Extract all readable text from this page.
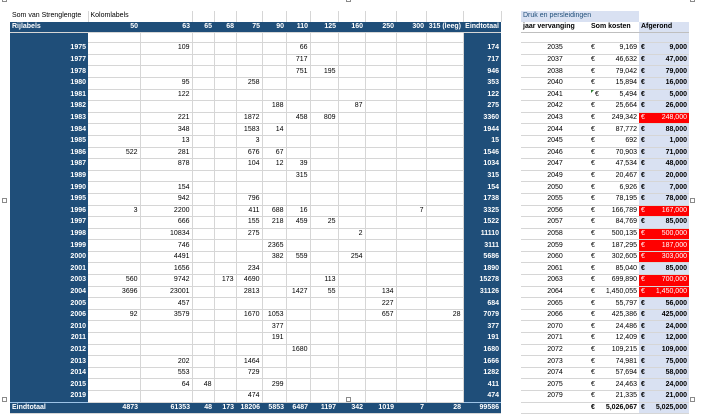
Som van Strenglengte	Kolomlabels												
Rijlabels	50	63	65	68	75	90	110	125	160	250	300	315 (leeg)	Eindtotaal

1975		109					66						174
1977							717						717
1978							751	195					946
1980		95			258								353
1981		122											122
1982						188			87				275
1983		221			1872		458	809					3360
1984		348			1583	14							1944
1985		13			3								15
1986	522	281			676	67							1546
1987		878			104	12	39						1034
1989							315						315
1990		154											154
1995		942			796								1738
1996	3	2200			411	688	16				7		3325
1997		666			155	218	459	25					1522
1998		10834			275				2				11110
1999		746				2365							3111
2000		4491				382	559		254				5686
2001		1656			234								1890
2003	560	9742		173	4690			113					15278
2004	3696	23001			2813		1427	55		134			31126
2005		457								227			684
2006	92	3579			1670	1053				657		28	7079
2010						377							377
2011						191							191
2012							1680						1680
2013		202			1464								1666
2014		553			729								1282
2015		64	48			299							411
2019					474								474
Eindtotaal	4873	61353	48	173	18206	5853	6487	1197	342	1019	7	28	99586
Druk en persleidingen				
jaar vervanging	Som kosten		Afgerond	

2035	€	9,169	€	9,000
2037	€	46,632	€	47,000
2038	€	79,042	€	79,000
2040	€	15,894	€	16,000
2041	€	5,494	€	5,000
2042	€	25,664	€	26,000
2043	€	249,342	€	248,000
2044	€	87,772	€	88,000
2045	€	692	€	1,000
2046	€	70,903	€	71,000
2047	€	47,534	€	48,000
2049	€	20,467	€	20,000
2050	€	6,926	€	7,000
2055	€	78,195	€	78,000
2056	€	166,789	€	167,000
2057	€	84,769	€	85,000
2058	€	500,135	€	500,000
2059	€	187,295	€	187,000
2060	€	302,605	€	303,000
2061	€	85,040	€	85,000
2063	€	699,890	€	700,000
2064	€	1,450,055	€	1,450,000
2065	€	55,797	€	56,000
2066	€	425,386	€	425,000
2070	€	24,486	€	24,000
2071	€	12,409	€	12,000
2072	€	109,215	€	109,000
2073	€	74,981	€	75,000
2074	€	57,694	€	58,000
2075	€	24,463	€	24,000
2079	€	21,335	€	21,000
	€	5,026,067	€	5,025,000
